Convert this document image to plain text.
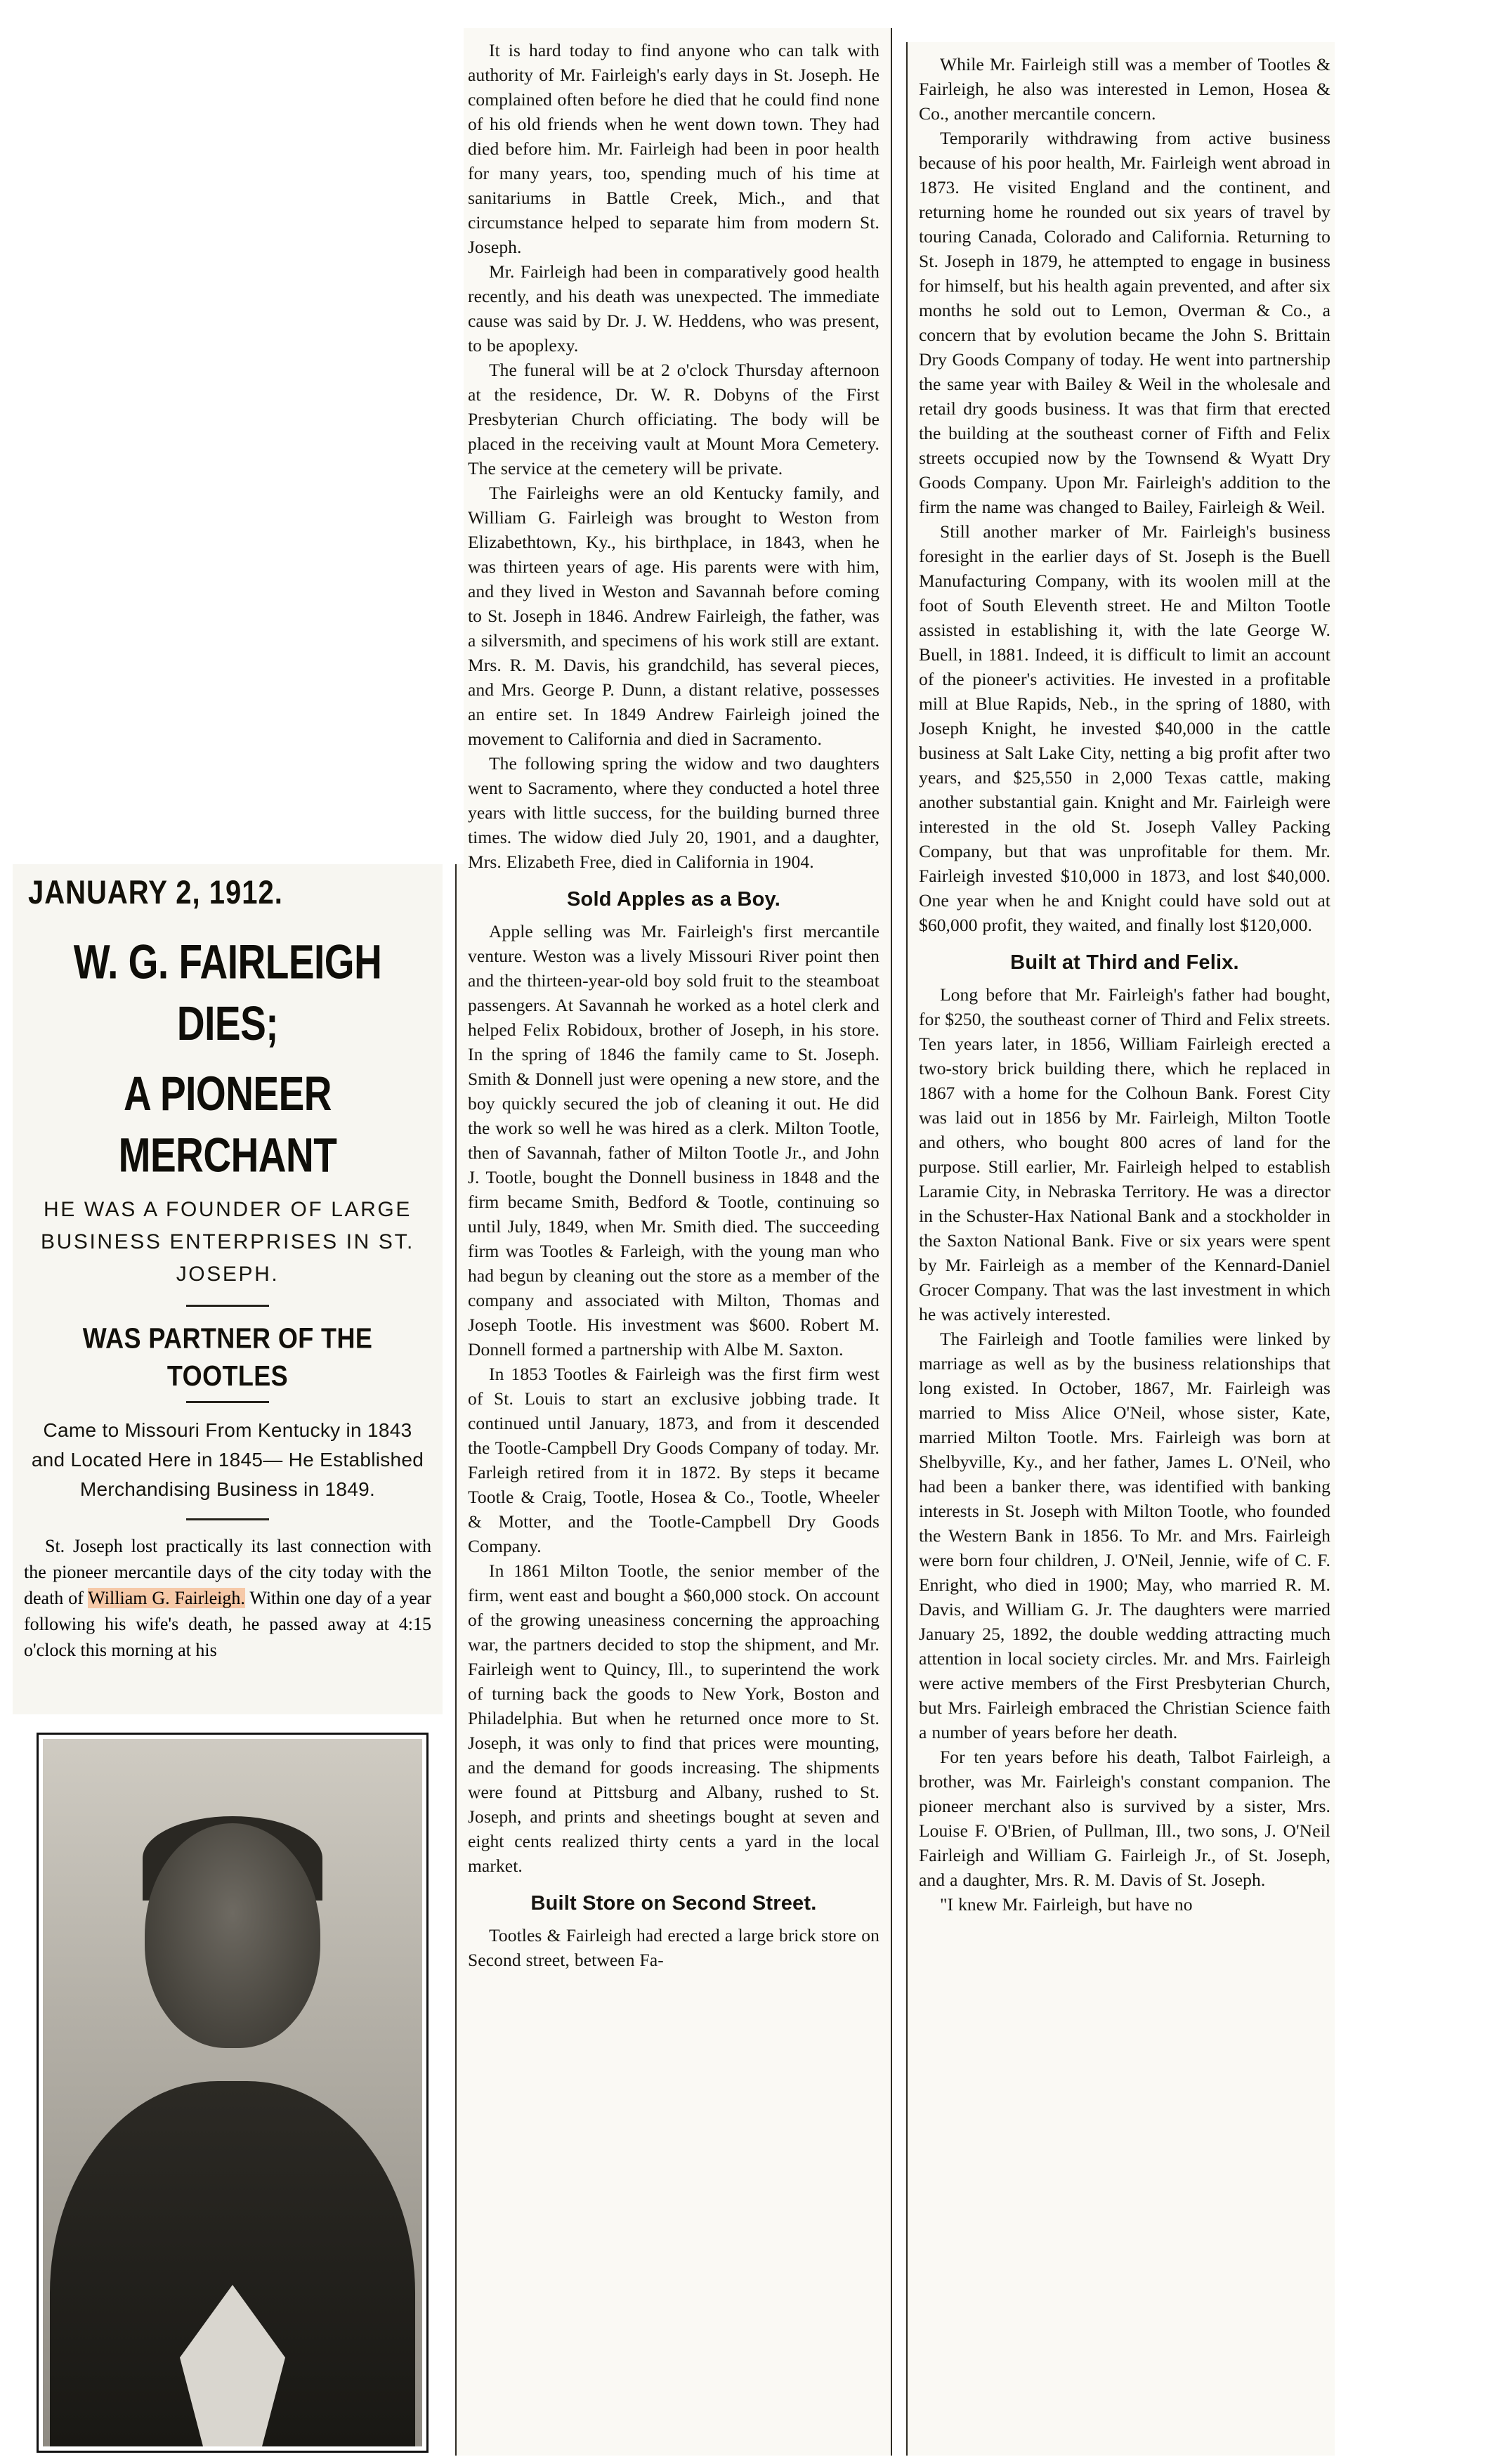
JANUARY 2, 1912.
W. G. FAIRLEIGH DIES;
A PIONEER MERCHANT
HE WAS A FOUNDER OF LARGE BUSINESS ENTERPRISES IN ST. JOSEPH.
WAS PARTNER OF THE TOOTLES
Came to Missouri From Kentucky in 1843 and Located Here in 1845— He Established Merchandising Business in 1849.

St. Joseph lost practically its last connection with the pioneer mercantile days of the city today with the death of William G. Fairleigh. Within one day of a year following his wife's death, he passed away at 4:15 o'clock this morning at his

It is hard today to find anyone who can talk with authority of Mr. Fairleigh's early days in St. Joseph. He complained often before he died that he could find none of his old friends when he went down town. They had died before him. Mr. Fairleigh had been in poor health for many years, too, spending much of his time at sanitariums in Battle Creek, Mich., and that circumstance helped to separate him from modern St. Joseph.

Mr. Fairleigh had been in comparatively good health recently, and his death was unexpected. The immediate cause was said by Dr. J. W. Heddens, who was present, to be apoplexy.

The funeral will be at 2 o'clock Thursday afternoon at the residence, Dr. W. R. Dobyns of the First Presbyterian Church officiating. The body will be placed in the receiving vault at Mount Mora Cemetery. The service at the cemetery will be private.

The Fairleighs were an old Kentucky family, and William G. Fairleigh was brought to Weston from Elizabethtown, Ky., his birthplace, in 1843, when he was thirteen years of age. His parents were with him, and they lived in Weston and Savannah before coming to St. Joseph in 1846. Andrew Fairleigh, the father, was a silversmith, and specimens of his work still are extant. Mrs. R. M. Davis, his grandchild, has several pieces, and Mrs. George P. Dunn, a distant relative, possesses an entire set. In 1849 Andrew Fairleigh joined the movement to California and died in Sacramento.

The following spring the widow and two daughters went to Sacramento, where they conducted a hotel three years with little success, for the building burned three times. The widow died July 20, 1901, and a daughter, Mrs. Elizabeth Free, died in California in 1904.

Sold Apples as a Boy.

Apple selling was Mr. Fairleigh's first mercantile venture. Weston was a lively Missouri River point then and the thirteen-year-old boy sold fruit to the steamboat passengers. At Savannah he worked as a hotel clerk and helped Felix Robidoux, brother of Joseph, in his store. In the spring of 1846 the family came to St. Joseph. Smith & Donnell just were opening a new store, and the boy quickly secured the job of cleaning it out. He did the work so well he was hired as a clerk. Milton Tootle, then of Savannah, father of Milton Tootle Jr., and John J. Tootle, bought the Donnell business in 1848 and the firm became Smith, Bedford & Tootle, continuing so until July, 1849, when Mr. Smith died. The succeeding firm was Tootles & Farleigh, with the young man who had begun by cleaning out the store as a member of the company and associated with Milton, Thomas and Joseph Tootle. His investment was $600. Robert M. Donnell formed a partnership with Albe M. Saxton.

In 1853 Tootles & Fairleigh was the first firm west of St. Louis to start an exclusive jobbing trade. It continued until January, 1873, and from it descended the Tootle-Campbell Dry Goods Company of today. Mr. Farleigh retired from it in 1872. By steps it became Tootle & Craig, Tootle, Hosea & Co., Tootle, Wheeler & Motter, and the Tootle-Campbell Dry Goods Company.

In 1861 Milton Tootle, the senior member of the firm, went east and bought a $60,000 stock. On account of the growing uneasiness concerning the approaching war, the partners decided to stop the shipment, and Mr. Fairleigh went to Quincy, Ill., to superintend the work of turning back the goods to New York, Boston and Philadelphia. But when he returned once more to St. Joseph, it was only to find that prices were mounting, and the demand for goods increasing. The shipments were found at Pittsburg and Albany, rushed to St. Joseph, and prints and sheetings bought at seven and eight cents realized thirty cents a yard in the local market.

Built Store on Second Street.

Tootles & Fairleigh had erected a large brick store on Second street, between Fa-

While Mr. Fairleigh still was a member of Tootles & Fairleigh, he also was interested in Lemon, Hosea & Co., another mercantile concern.

Temporarily withdrawing from active business because of his poor health, Mr. Fairleigh went abroad in 1873. He visited England and the continent, and returning home he rounded out six years of travel by touring Canada, Colorado and California. Returning to St. Joseph in 1879, he attempted to engage in business for himself, but his health again prevented, and after six months he sold out to Lemon, Overman & Co., a concern that by evolution became the John S. Brittain Dry Goods Company of today. He went into partnership the same year with Bailey & Weil in the wholesale and retail dry goods business. It was that firm that erected the building at the southeast corner of Fifth and Felix streets occupied now by the Townsend & Wyatt Dry Goods Company. Upon Mr. Fairleigh's addition to the firm the name was changed to Bailey, Fairleigh & Weil.

Still another marker of Mr. Fairleigh's business foresight in the earlier days of St. Joseph is the Buell Manufacturing Company, with its woolen mill at the foot of South Eleventh street. He and Milton Tootle assisted in establishing it, with the late George W. Buell, in 1881. Indeed, it is difficult to limit an account of the pioneer's activities. He invested in a profitable mill at Blue Rapids, Neb., in the spring of 1880, with Joseph Knight, he invested $40,000 in the cattle business at Salt Lake City, netting a big profit after two years, and $25,550 in 2,000 Texas cattle, making another substantial gain. Knight and Mr. Fairleigh were interested in the old St. Joseph Valley Packing Company, but that was unprofitable for them. Mr. Fairleigh invested $10,000 in 1873, and lost $40,000. One year when he and Knight could have sold out at $60,000 profit, they waited, and finally lost $120,000.

Built at Third and Felix.

Long before that Mr. Fairleigh's father had bought, for $250, the southeast corner of Third and Felix streets. Ten years later, in 1856, William Fairleigh erected a two-story brick building there, which he replaced in 1867 with a home for the Colhoun Bank. Forest City was laid out in 1856 by Mr. Fairleigh, Milton Tootle and others, who bought 800 acres of land for the purpose. Still earlier, Mr. Fairleigh helped to establish Laramie City, in Nebraska Territory. He was a director in the Schuster-Hax National Bank and a stockholder in the Saxton National Bank. Five or six years were spent by Mr. Fairleigh as a member of the Kennard-Daniel Grocer Company. That was the last investment in which he was actively interested.

The Fairleigh and Tootle families were linked by marriage as well as by the business relationships that long existed. In October, 1867, Mr. Fairleigh was married to Miss Alice O'Neil, whose sister, Kate, married Milton Tootle. Mrs. Fairleigh was born at Shelbyville, Ky., and her father, James L. O'Neil, who had been a banker there, was identified with banking interests in St. Joseph with Milton Tootle, who founded the Western Bank in 1856. To Mr. and Mrs. Fairleigh were born four children, J. O'Neil, Jennie, wife of C. F. Enright, who died in 1900; May, who married R. M. Davis, and William G. Jr. The daughters were married January 25, 1892, the double wedding attracting much attention in local society circles. Mr. and Mrs. Fairleigh were active members of the First Presbyterian Church, but Mrs. Fairleigh embraced the Christian Science faith a number of years before her death.

For ten years before his death, Talbot Fairleigh, a brother, was Mr. Fairleigh's constant companion. The pioneer merchant also is survived by a sister, Mrs. Louise F. O'Brien, of Pullman, Ill., two sons, J. O'Neil Fairleigh and William G. Fairleigh Jr., of St. Joseph, and a daughter, Mrs. R. M. Davis of St. Joseph.

"I knew Mr. Fairleigh, but have no
